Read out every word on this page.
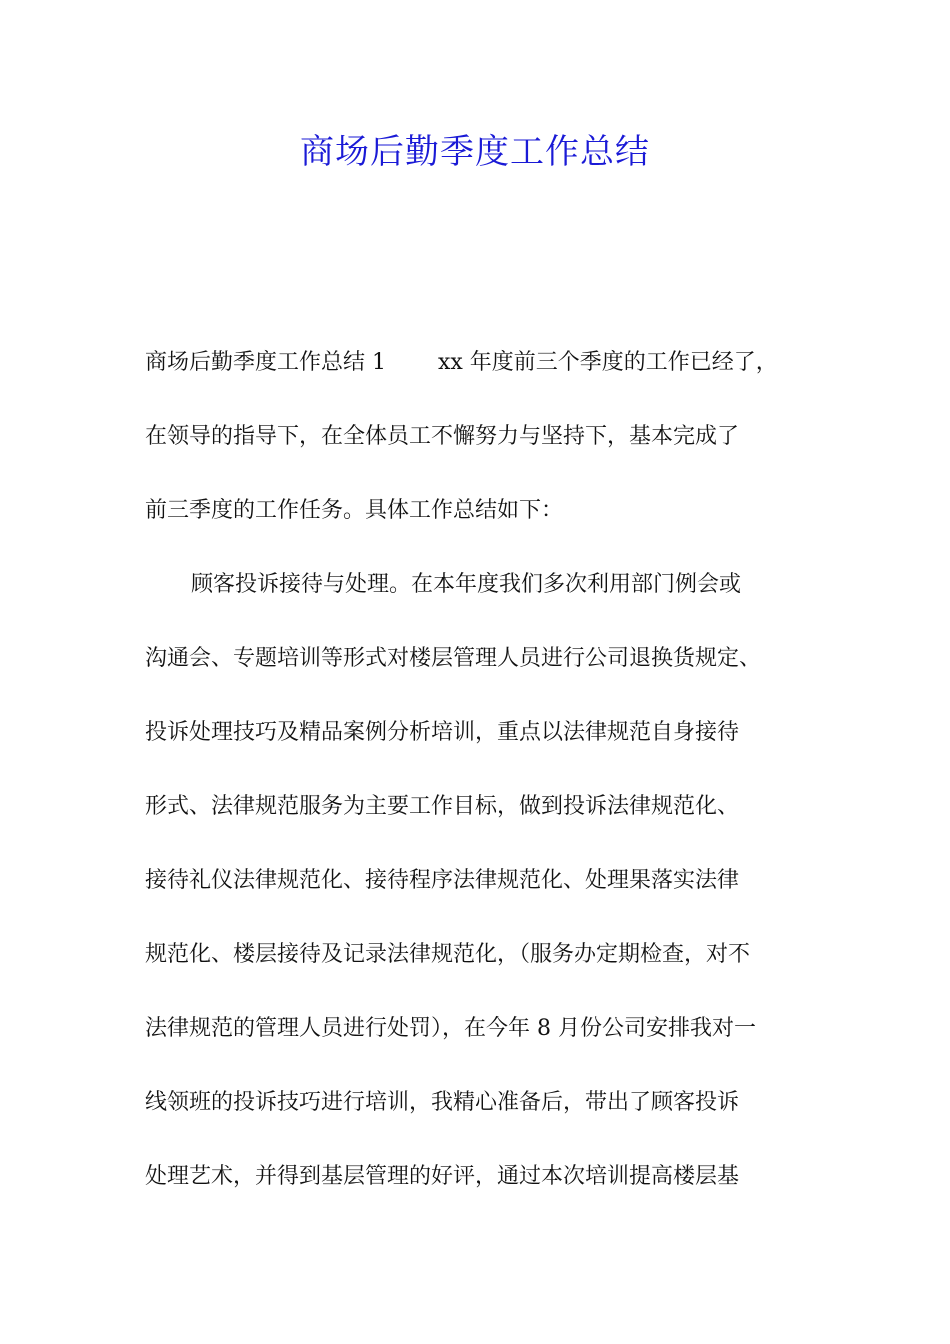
商场后勤季度工作总结
商场后勤季度工作总结 1 xx 年度前三个季度的工作已经了，
在领导的指导下，在全体员工不懈努力与坚持下，基本完成了
前三季度的工作任务。具体工作总结如下：
顾客投诉接待与处理。在本年度我们多次利用部门例会或
沟通会、专题培训等形式对楼层管理人员进行公司退换货规定、
投诉处理技巧及精品案例分析培训，重点以法律规范自身接待
形式、法律规范服务为主要工作目标，做到投诉法律规范化、
接待礼仪法律规范化、接待程序法律规范化、处理果落实法律
规范化、楼层接待及记录法律规范化，（服务办定期检查，对不
法律规范的管理人员进行处罚），在今年 8 月份公司安排我对一
线领班的投诉技巧进行培训，我精心准备后，带出了顾客投诉
处理艺术，并得到基层管理的好评，通过本次培训提高楼层基
